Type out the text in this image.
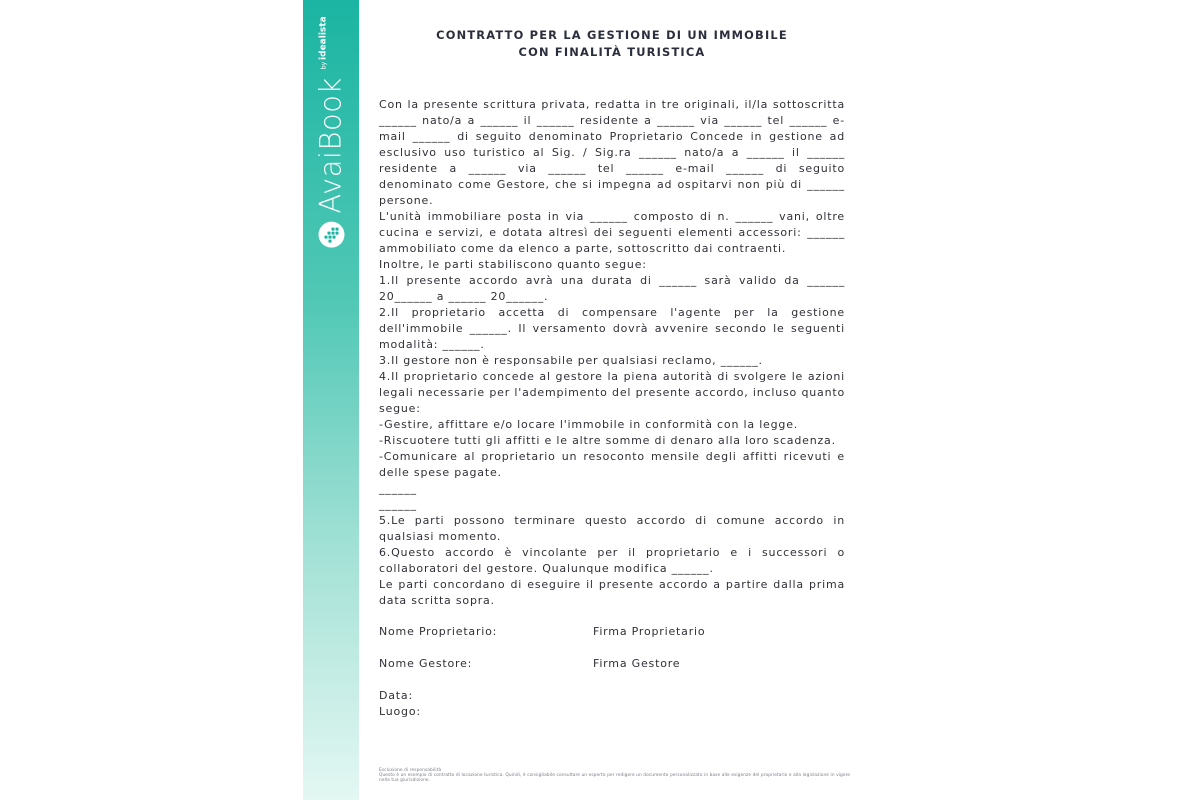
AvaiBook
by idealista	CONTRATTO PER LA GESTIONE DI UN IMMOBILE
CON FINALITÀ TURISTICA

Con la presente scrittura privata, redatta in tre originali, il/la sottoscritta ______ nato/a a ______ il ______ residente a ______ via ______ tel ______ e-mail ______ di seguito denominato Proprietario Concede in gestione ad esclusivo uso turistico al Sig. / Sig.ra ______ nato/a a ______ il ______ residente a ______ via ______ tel ______ e-mail ______ di seguito denominato come Gestore, che si impegna ad ospitarvi non più di ______ persone.

L'unità immobiliare posta in via ______ composto di n. ______ vani, oltre cucina e servizi, e dotata altresì dei seguenti elementi accessori: ______ ammobiliato come da elenco a parte, sottoscritto dai contraenti.

Inoltre, le parti stabiliscono quanto segue:

1.Il presente accordo avrà una durata di ______ sarà valido da ______ 20______ a ______ 20______.

2.Il proprietario accetta di compensare l'agente per la gestione dell'immobile ______. Il versamento dovrà avvenire secondo le seguenti modalità: ______.

3.Il gestore non è responsabile per qualsiasi reclamo, ______.

4.Il proprietario concede al gestore la piena autorità di svolgere le azioni legali necessarie per l'adempimento del presente accordo, incluso quanto segue:

-Gestire, affittare e/o locare l'immobile in conformità con la legge.

-Riscuotere tutti gli affitti e le altre somme di denaro alla loro scadenza.

-Comunicare al proprietario un resoconto mensile degli affitti ricevuti e delle spese pagate.

______

______

5.Le parti possono terminare questo accordo di comune accordo in qualsiasi momento.

6.Questo accordo è vincolante per il proprietario e i successori o collaboratori del gestore. Qualunque modifica ______.

Le parti concordano di eseguire il presente accordo a partire dalla prima data scritta sopra.

Nome Proprietario:	Firma Proprietario
Nome Gestore:	Firma Gestore
Data:
Luogo:
Esclusione di responsabilità
Questo è un esempio di contratto di locazione turistica. Quindi, è consigliabile consultare un esperto per redigere un documento personalizzato in base alle esigenze del proprietario e alla legislazione in vigore nella tua giurisdizione.
